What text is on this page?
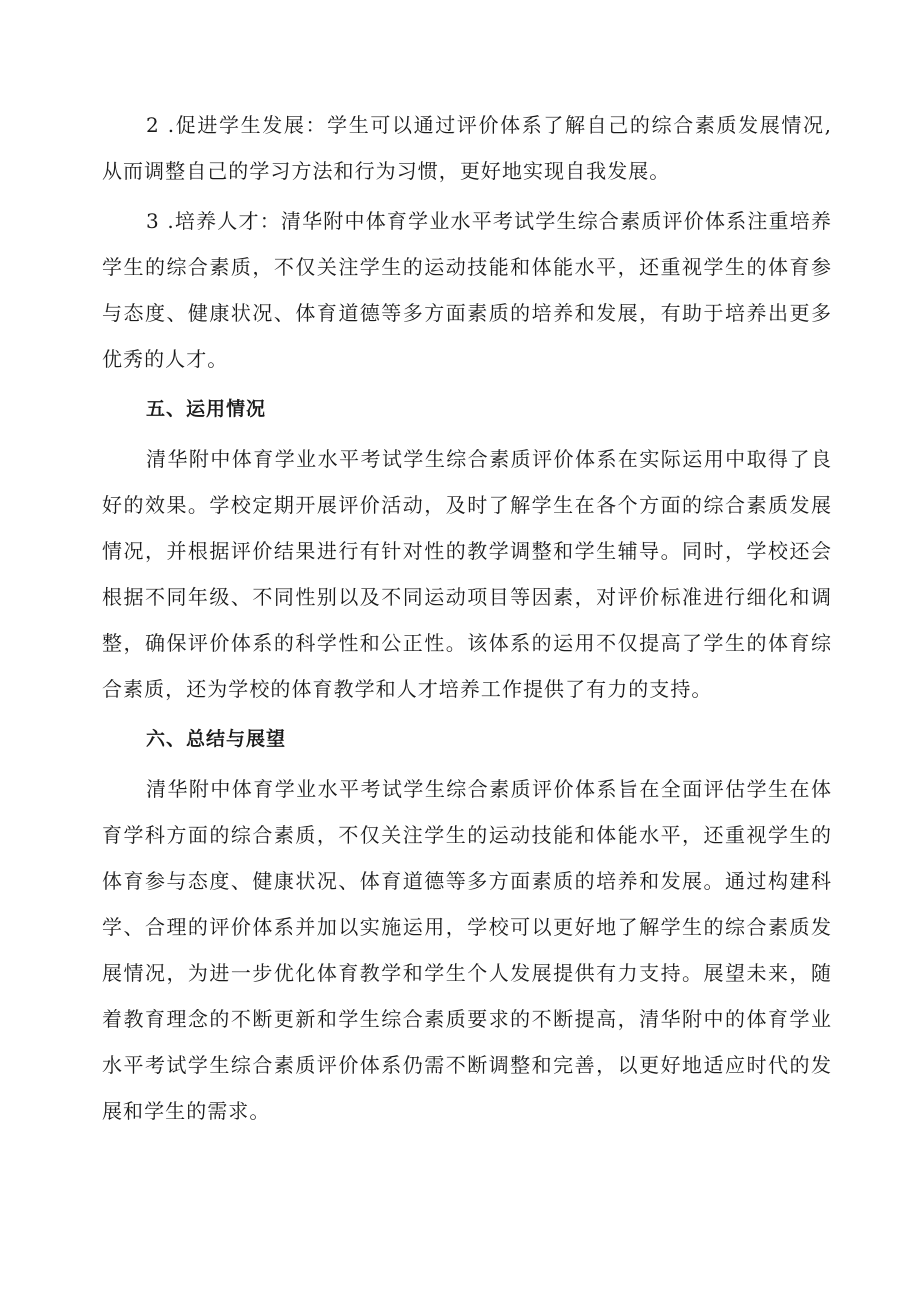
2 .促进学生发展：学生可以通过评价体系了解自己的综合素质发展情况,从而调整自己的学习方法和行为习惯，更好地实现自我发展。

3 .培养人才：清华附中体育学业水平考试学生综合素质评价体系注重培养学生的综合素质，不仅关注学生的运动技能和体能水平，还重视学生的体育参与态度、健康状况、体育道德等多方面素质的培养和发展，有助于培养出更多优秀的人才。

五、运用情况

清华附中体育学业水平考试学生综合素质评价体系在实际运用中取得了良好的效果。学校定期开展评价活动，及时了解学生在各个方面的综合素质发展情况，并根据评价结果进行有针对性的教学调整和学生辅导。同时，学校还会根据不同年级、不同性别以及不同运动项目等因素，对评价标准进行细化和调整，确保评价体系的科学性和公正性。该体系的运用不仅提高了学生的体育综合素质，还为学校的体育教学和人才培养工作提供了有力的支持。

六、总结与展望

清华附中体育学业水平考试学生综合素质评价体系旨在全面评估学生在体育学科方面的综合素质，不仅关注学生的运动技能和体能水平，还重视学生的体育参与态度、健康状况、体育道德等多方面素质的培养和发展。通过构建科学、合理的评价体系并加以实施运用，学校可以更好地了解学生的综合素质发展情况，为进一步优化体育教学和学生个人发展提供有力支持。展望未来，随着教育理念的不断更新和学生综合素质要求的不断提高，清华附中的体育学业水平考试学生综合素质评价体系仍需不断调整和完善，以更好地适应时代的发展和学生的需求。
